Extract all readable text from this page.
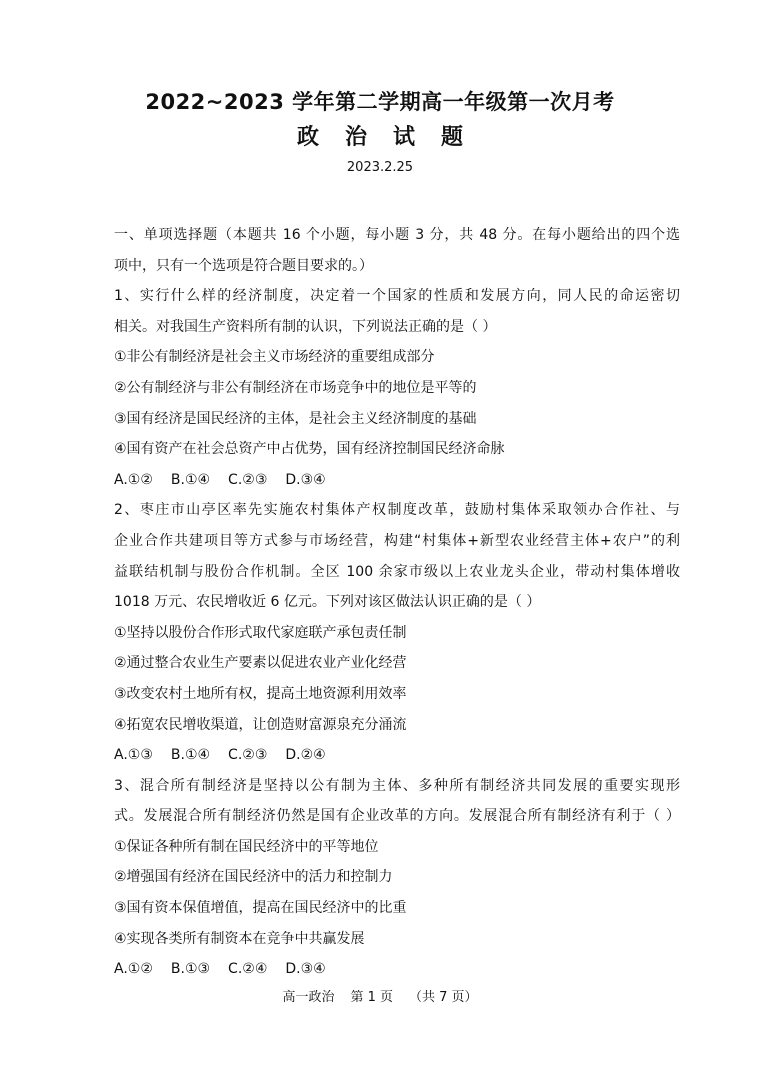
2022~2023 学年第二学期高一年级第一次月考
政 治 试 题
2023.2.25

一、单项选择题（本题共 16 个小题，每小题 3 分，共 48 分。在每小题给出的四个选

项中，只有一个选项是符合题目要求的。）

1、实行什么样的经济制度，决定着一个国家的性质和发展方向，同人民的命运密切

相关。对我国生产资料所有制的认识，下列说法正确的是（ ）

①非公有制经济是社会主义市场经济的重要组成部分

②公有制经济与非公有制经济在市场竞争中的地位是平等的

③国有经济是国民经济的主体，是社会主义经济制度的基础

④国有资产在社会总资产中占优势，国有经济控制国民经济命脉

A.①② B.①④ C.②③ D.③④

2、枣庄市山亭区率先实施农村集体产权制度改革，鼓励村集体采取领办合作社、与

企业合作共建项目等方式参与市场经营，构建“村集体+新型农业经营主体+农户”的利

益联结机制与股份合作机制。全区 100 余家市级以上农业龙头企业，带动村集体增收

1018 万元、农民增收近 6 亿元。下列对该区做法认识正确的是（ ）

①坚持以股份合作形式取代家庭联产承包责任制

②通过整合农业生产要素以促进农业产业化经营

③改变农村土地所有权，提高土地资源利用效率

④拓宽农民增收渠道，让创造财富源泉充分涌流

A.①③ B.①④ C.②③ D.②④

3、混合所有制经济是坚持以公有制为主体、多种所有制经济共同发展的重要实现形

式。发展混合所有制经济仍然是国有企业改革的方向。发展混合所有制经济有利于（ ）

①保证各种所有制在国民经济中的平等地位

②增强国有经济在国民经济中的活力和控制力

③国有资本保值增值，提高在国民经济中的比重

④实现各类所有制资本在竞争中共赢发展

A.①② B.①③ C.②④ D.③④

高一政治 第 1 页 （共 7 页）
